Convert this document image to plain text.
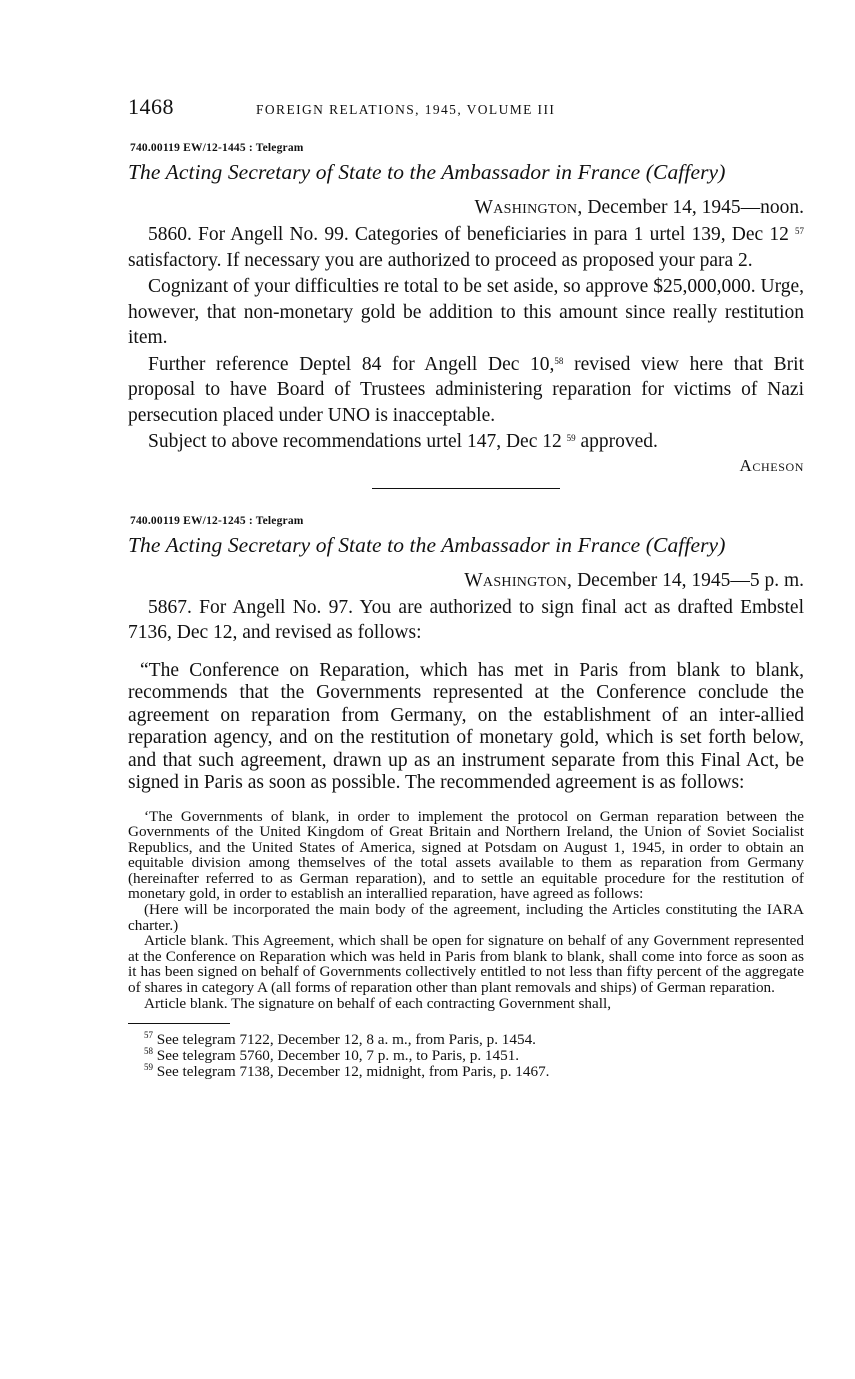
1468	FOREIGN RELATIONS, 1945, VOLUME III
740.00119 EW/12-1445 : Telegram
The Acting Secretary of State to the Ambassador in France (Caffery)
Washington, December 14, 1945—noon.

5860. For Angell No. 99. Categories of beneficiaries in para 1 urtel 139, Dec 12 $^{57}$ satisfactory. If necessary you are authorized to proceed as proposed your para 2.

Cognizant of your difficulties re total to be set aside, so approve $25,000,000. Urge, however, that non-monetary gold be addition to this amount since really restitution item.

Further reference Deptel 84 for Angell Dec 10,58 revised view here that Brit proposal to have Board of Trustees administering reparation for victims of Nazi persecution placed under UNO is inacceptable.

Subject to above recommendations urtel 147, Dec 12 $^{59}$ approved.

Acheson
740.00119 EW/12-1245 : Telegram
The Acting Secretary of State to the Ambassador in France (Caffery)
Washington, December 14, 1945—5 p. m.

5867. For Angell No. 97. You are authorized to sign final act as drafted Embstel 7136, Dec 12, and revised as follows:

“The Conference on Reparation, which has met in Paris from blank to blank, recommends that the Governments represented at the Conference conclude the agreement on reparation from Germany, on the establishment of an inter-allied reparation agency, and on the restitution of monetary gold, which is set forth below, and that such agreement, drawn up as an instrument separate from this Final Act, be signed in Paris as soon as possible. The recommended agreement is as follows:

‘The Governments of blank, in order to implement the protocol on German reparation between the Governments of the United Kingdom of Great Britain and Northern Ireland, the Union of Soviet Socialist Republics, and the United States of America, signed at Potsdam on August 1, 1945, in order to obtain an equitable division among themselves of the total assets available to them as reparation from Germany (hereinafter referred to as German reparation), and to settle an equitable procedure for the restitution of monetary gold, in order to establish an interallied reparation, have agreed as follows:

(Here will be incorporated the main body of the agreement, including the Articles constituting the IARA charter.)

Article blank. This Agreement, which shall be open for signature on behalf of any Government represented at the Conference on Reparation which was held in Paris from blank to blank, shall come into force as soon as it has been signed on behalf of Governments collectively entitled to not less than fifty percent of the aggregate of shares in category A (all forms of reparation other than plant removals and ships) of German reparation.

Article blank. The signature on behalf of each contracting Government shall,

$^{57}$ See telegram 7122, December 12, 8 a. m., from Paris, p. 1454.

$^{58}$ See telegram 5760, December 10, 7 p. m., to Paris, p. 1451.

$^{59}$ See telegram 7138, December 12, midnight, from Paris, p. 1467.
